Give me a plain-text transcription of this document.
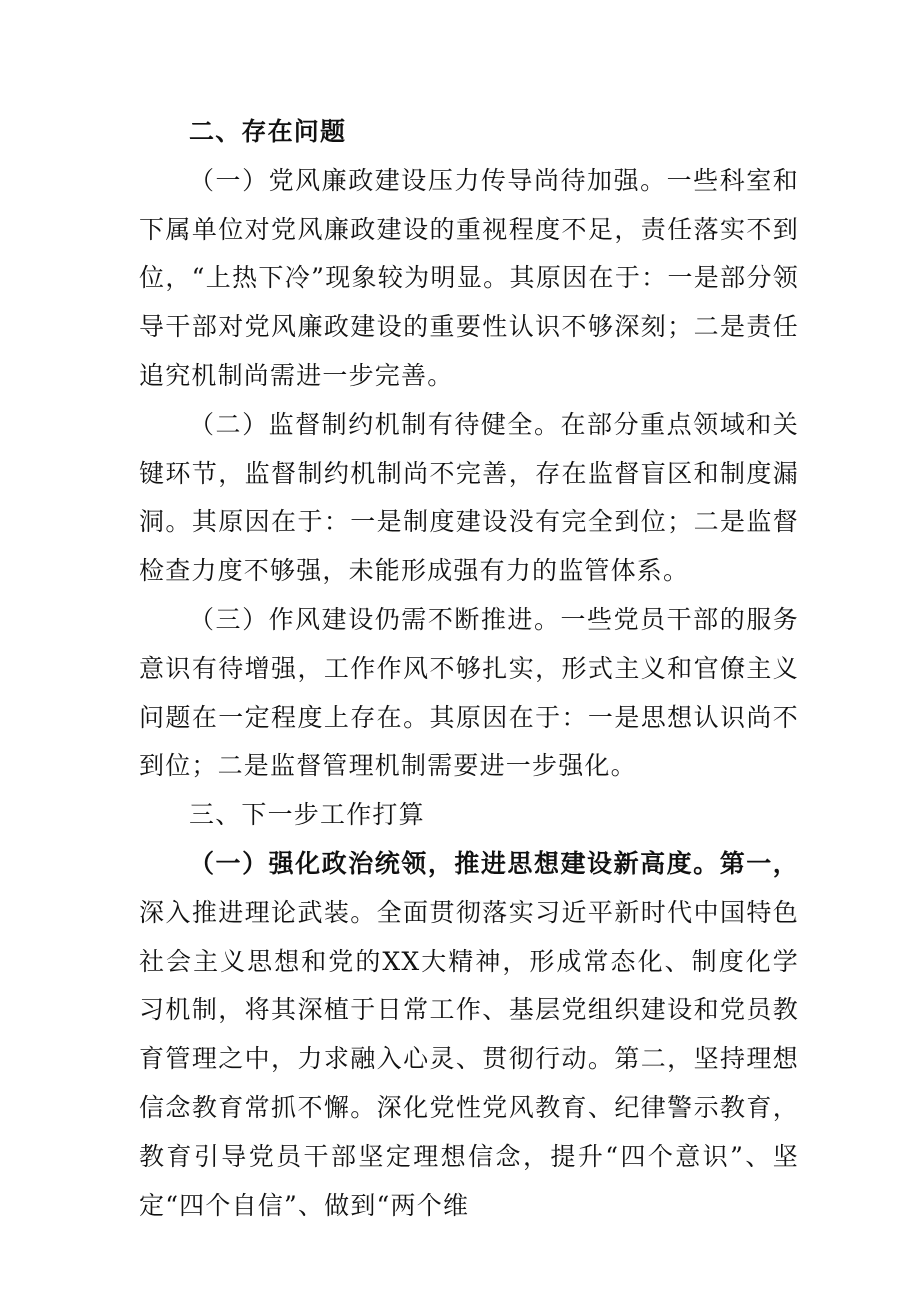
二、存在问题

（一）党风廉政建设压力传导尚待加强。一些科室和下属单位对党风廉政建设的重视程度不足，责任落实不到位，“上热下冷”现象较为明显。其原因在于：一是部分领导干部对党风廉政建设的重要性认识不够深刻；二是责任追究机制尚需进一步完善。

（二）监督制约机制有待健全。在部分重点领域和关键环节，监督制约机制尚不完善，存在监督盲区和制度漏洞。其原因在于：一是制度建设没有完全到位；二是监督检查力度不够强，未能形成强有力的监管体系。

（三）作风建设仍需不断推进。一些党员干部的服务意识有待增强，工作作风不够扎实，形式主义和官僚主义问题在一定程度上存在。其原因在于：一是思想认识尚不到位；二是监督管理机制需要进一步强化。

三、下一步工作打算

（一）强化政治统领，推进思想建设新高度。第一，深入推进理论武装。全面贯彻落实习近平新时代中国特色社会主义思想和党的XX大精神，形成常态化、制度化学习机制，将其深植于日常工作、基层党组织建设和党员教育管理之中，力求融入心灵、贯彻行动。第二，坚持理想信念教育常抓不懈。深化党性党风教育、纪律警示教育，教育引导党员干部坚定理想信念，提升“四个意识”、坚定“四个自信”、做到“两个维
